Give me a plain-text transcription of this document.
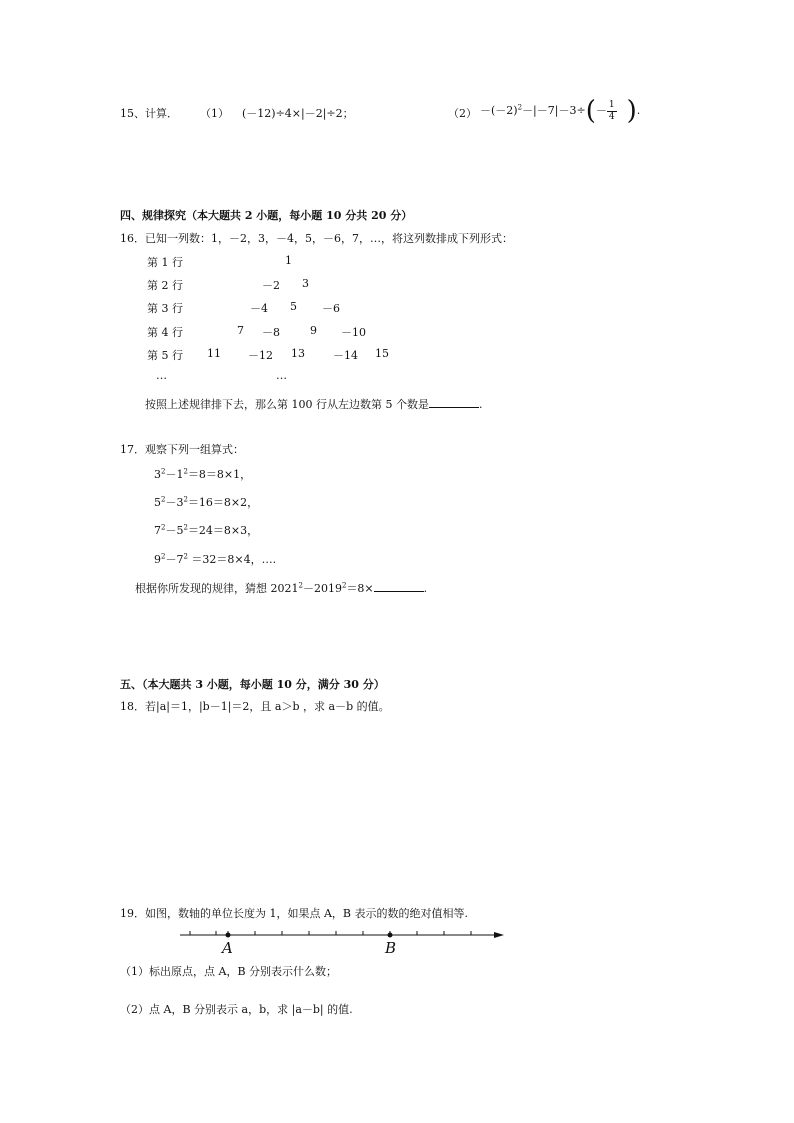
15、计算． （1） (－12)÷4×|－2|÷2；	$(2) -(-2)^2-|-7|-3\div(- \frac{1}{4}$ ).
四、规律探究（本大题共 2 小题，每小题 10 分共 20 分）
16．已知一列数：1，－2，3，－4，5，－6，7，…，将这列数排成下列形式：
第 1 行	1
第 2 行	－2 3
第 3 行	－4 5 －6
第 4 行	7 －8	9 －10
第 5 行 11 －12 13	－14 15
…	…
按照上述规律排下去，那么第 100 行从左边数第 5 个数是	.
17．观察下列一组算式：
$3^2-1^2=8=8\times 1$，
$5^2-3^2=16=8\times 2$，
$7^2-5^2=24=8\times 3$，
$9^2-7^2 =32=8\times 4$，….
根据你所发现的规律，猜想 $2021^2-2019^2=8\times$	.
五、（本大题共 3 小题，每小题 10 分，满分 30 分）
18．若|a|＝1，|b－1|＝2，且 a＞b ，求 a－b 的值。
19．如图，数轴的单位长度为 1，如果点 A，B 表示的数的绝对值相等.
A	B
（1）标出原点，点 A，B 分别表示什么数；
（2）点 A，B 分别表示 a，b，求 |a－b| 的值.
